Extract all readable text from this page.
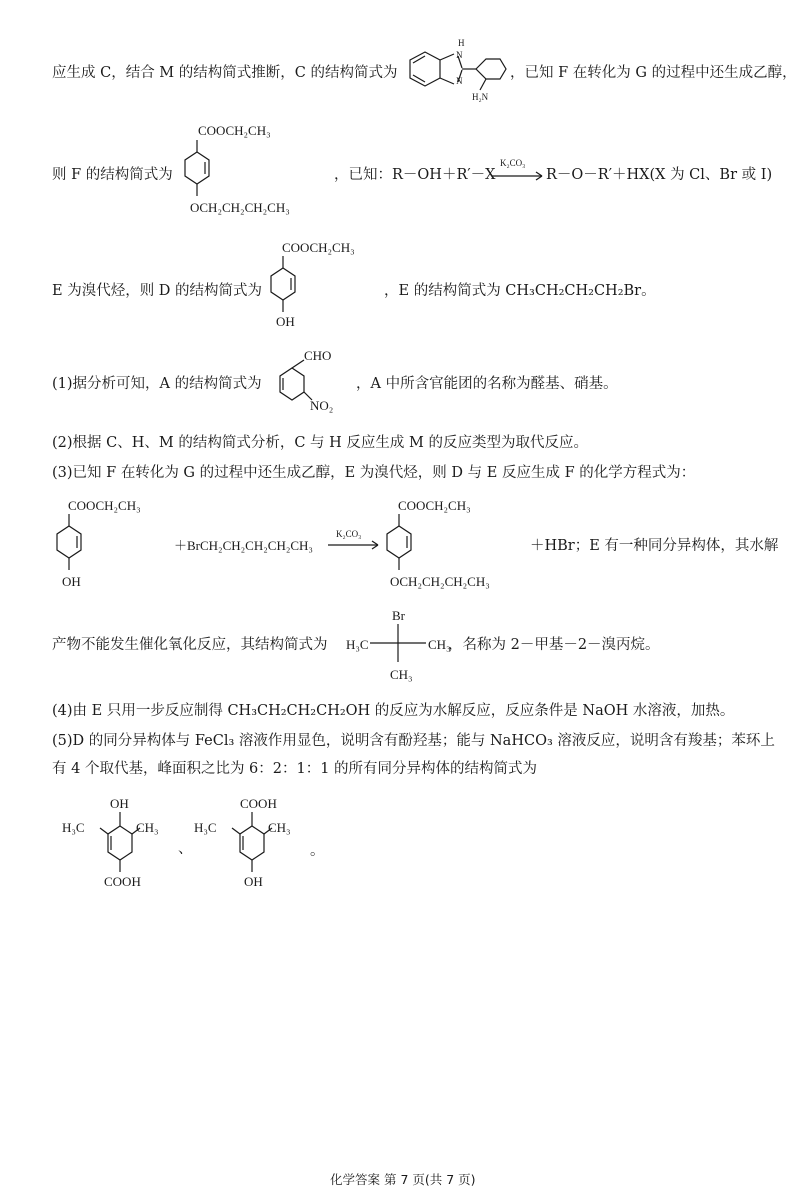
应生成 C，结合 M 的结构简式推断，C 的结构简式为
H
N
N
H₂N
，已知 F 在转化为 G 的过程中还生成乙醇，
COOCH₂CH₃
则 F 的结构简式为
OCH₂CH₂CH₂CH₃
，已知：R－OH＋R′－X
K₂CO₃
→ R－O－R′＋HX(X 为 Cl、Br 或 I)
COOCH₂CH₃
E 为溴代烃，则 D 的结构简式为
OH
，E 的结构简式为 CH₃CH₂CH₂CH₂Br。
CHO
(1)据分析可知，A 的结构简式为
NO₂
，A 中所含官能团的名称为醛基、硝基。
(2)根据 C、H、M 的结构简式分析，C 与 H 反应生成 M 的反应类型为取代反应。
(3)已知 F 在转化为 G 的过程中还生成乙醇，E 为溴代烃，则 D 与 E 反应生成 F 的化学方程式为：
COOCH₂CH₃
OH
＋BrCH₂CH₂CH₂CH₂CH₃
K₂CO₃
COOCH₂CH₃
OCH₂CH₂CH₂CH₃
＋HBr；E 有一种同分异构体，其水解
Br
产物不能发生催化氧化反应，其结构简式为 H₃C	CH₃
CH₃
，名称为 2－甲基－2－溴丙烷。
(4)由 E 只用一步反应制得 CH₃CH₂CH₂CH₂OH 的反应为水解反应，反应条件是 NaOH 水溶液，加热。
(5)D 的同分异构体与 FeCl₃ 溶液作用显色，说明含有酚羟基；能与 NaHCO₃ 溶液反应，说明含有羧基；苯环上
有 4 个取代基，峰面积之比为 6：2：1：1 的所有同分异构体的结构简式为
OH
H₃C	CH₃
COOH
、
COOH
H₃C	CH₃
OH
。
化学答案 第 7 页(共 7 页)
